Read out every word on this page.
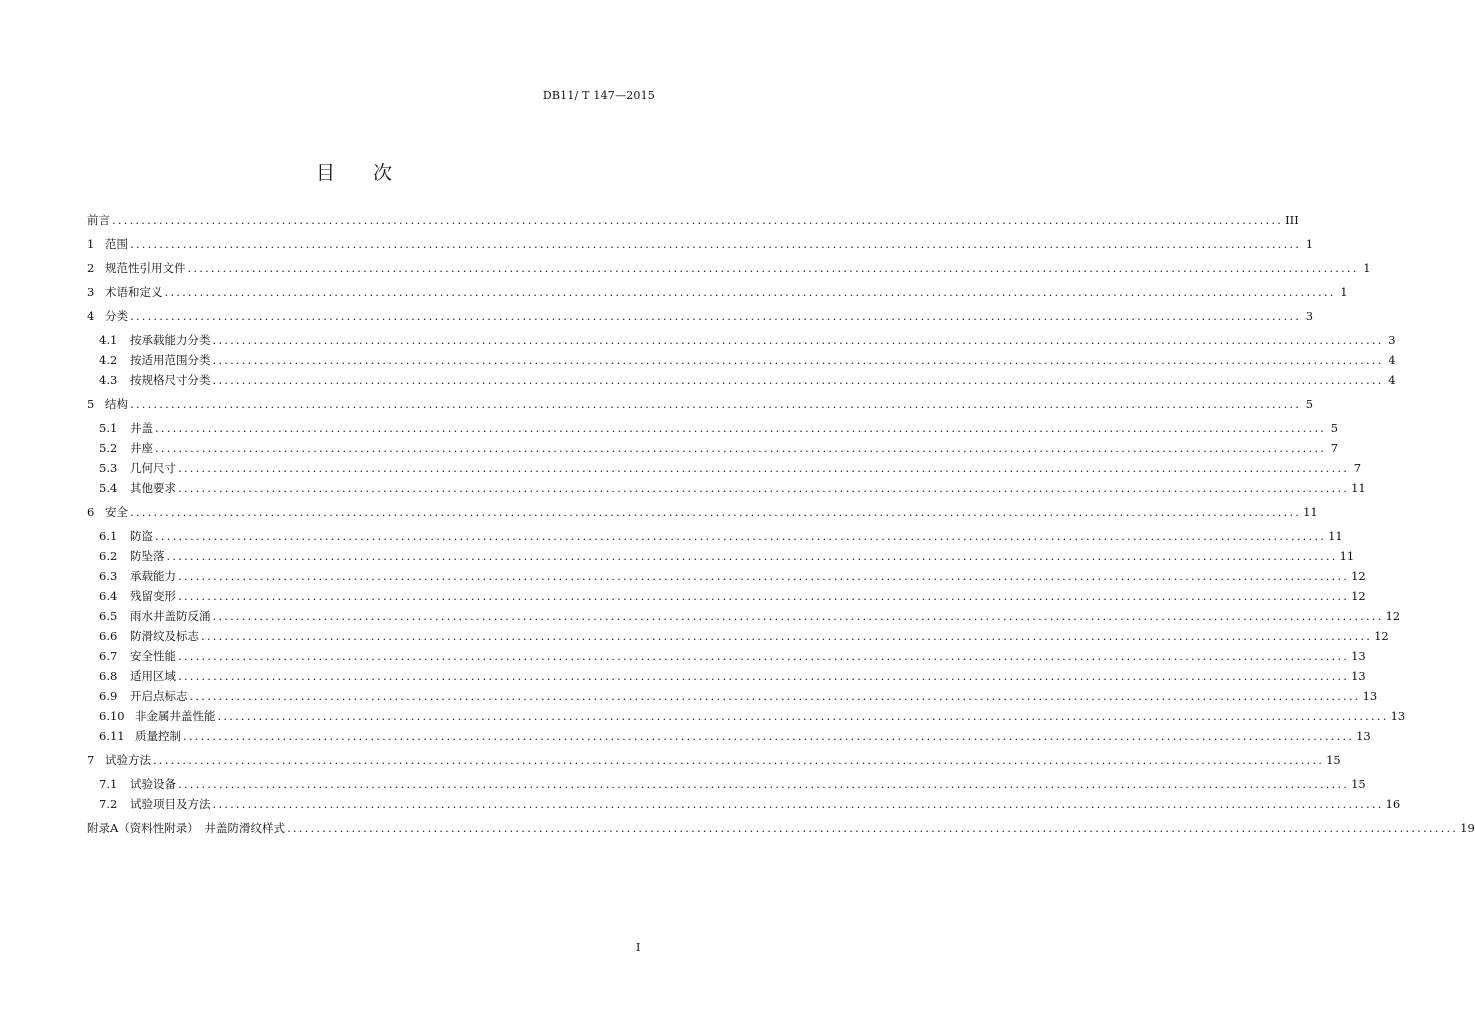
DB11/ T 147—2015
目 次
前言 ........................................................................................................................................................................................................ III
1 范围 ........................................................................................................................................................................................................ 1
2 规范性引用文件 ........................................................................................................................................................................................................ 1
3 术语和定义 ........................................................................................................................................................................................................ 1
4 分类 ........................................................................................................................................................................................................ 3
4.1 按承载能力分类 ........................................................................................................................................................................................................ 3
4.2 按适用范围分类 ........................................................................................................................................................................................................ 4
4.3 按规格尺寸分类 ........................................................................................................................................................................................................ 4
5 结构 ........................................................................................................................................................................................................ 5
5.1 井盖 ........................................................................................................................................................................................................ 5
5.2 井座 ........................................................................................................................................................................................................ 7
5.3 几何尺寸 ........................................................................................................................................................................................................ 7
5.4 其他要求 ........................................................................................................................................................................................................ 11
6 安全 ........................................................................................................................................................................................................ 11
6.1 防盗 ........................................................................................................................................................................................................ 11
6.2 防坠落 ........................................................................................................................................................................................................ 11
6.3 承载能力 ........................................................................................................................................................................................................ 12
6.4 残留变形 ........................................................................................................................................................................................................ 12
6.5 雨水井盖防反涌 ........................................................................................................................................................................................................ 12
6.6 防滑纹及标志 ........................................................................................................................................................................................................ 12
6.7 安全性能 ........................................................................................................................................................................................................ 13
6.8 适用区域 ........................................................................................................................................................................................................ 13
6.9 开启点标志 ........................................................................................................................................................................................................ 13
6.10 非金属井盖性能 ........................................................................................................................................................................................................ 13
6.11 质量控制 ........................................................................................................................................................................................................ 13
7 试验方法 ........................................................................................................................................................................................................ 15
7.1 试验设备 ........................................................................................................................................................................................................ 15
7.2 试验项目及方法 ........................................................................................................................................................................................................ 16
附录A（资料性附录）　井盖防滑纹样式 ........................................................................................................................................................................................................ 19
I
